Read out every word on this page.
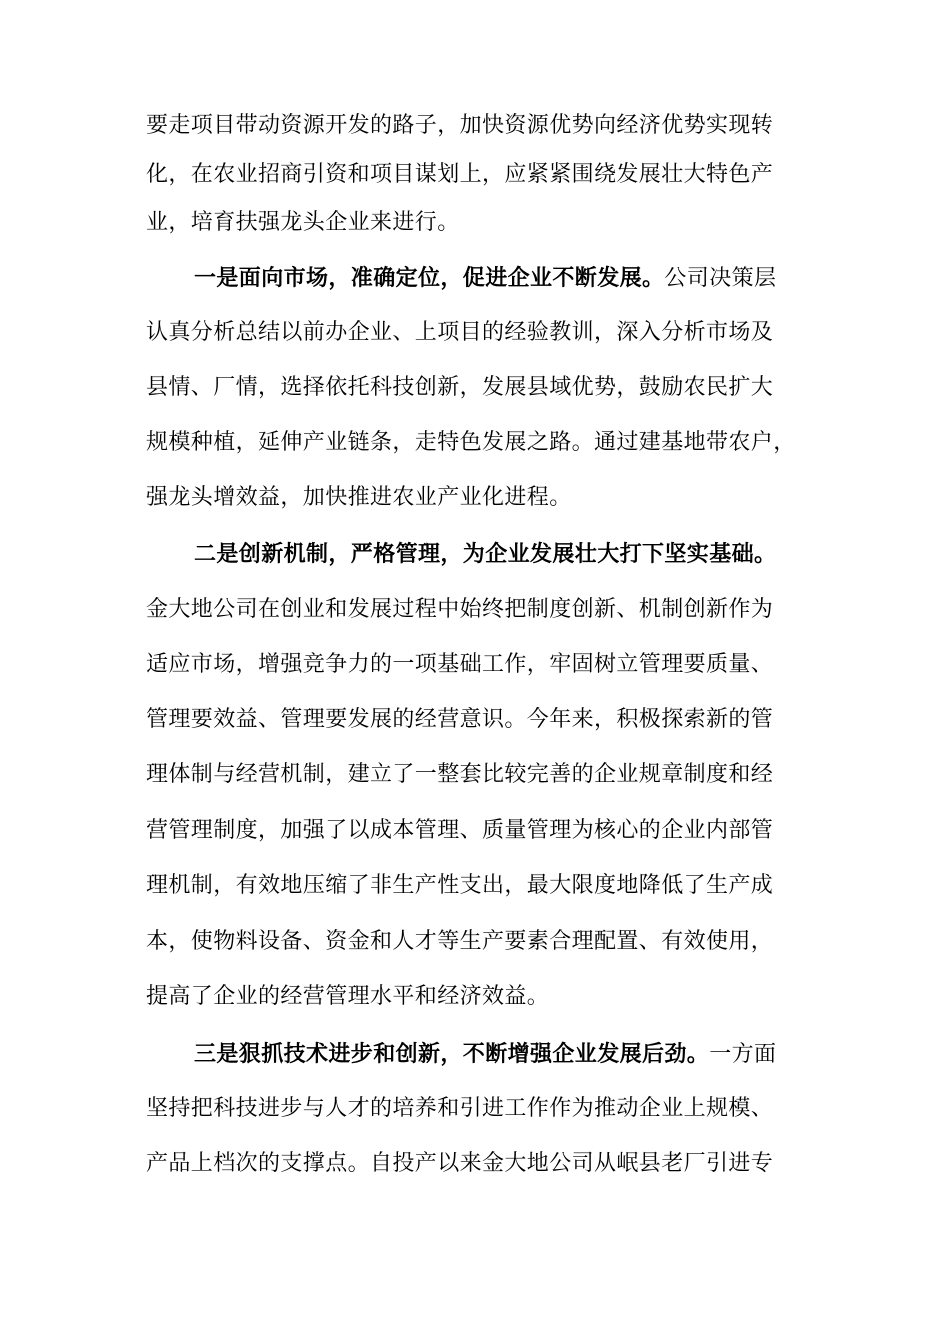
要走项目带动资源开发的路子，加快资源优势向经济优势实现转
化，在农业招商引资和项目谋划上，应紧紧围绕发展壮大特色产
业，培育扶强龙头企业来进行。
一是面向市场，准确定位，促进企业不断发展。公司决策层
认真分析总结以前办企业、上项目的经验教训，深入分析市场及
县情、厂情，选择依托科技创新，发展县域优势，鼓励农民扩大
规模种植，延伸产业链条，走特色发展之路。通过建基地带农户，
强龙头增效益，加快推进农业产业化进程。
二是创新机制，严格管理，为企业发展壮大打下坚实基础。
金大地公司在创业和发展过程中始终把制度创新、机制创新作为
适应市场，增强竞争力的一项基础工作，牢固树立管理要质量、
管理要效益、管理要发展的经营意识。今年来，积极探索新的管
理体制与经营机制，建立了一整套比较完善的企业规章制度和经
营管理制度，加强了以成本管理、质量管理为核心的企业内部管
理机制，有效地压缩了非生产性支出，最大限度地降低了生产成
本，使物料设备、资金和人才等生产要素合理配置、有效使用，
提高了企业的经营管理水平和经济效益。
三是狠抓技术进步和创新，不断增强企业发展后劲。一方面
坚持把科技进步与人才的培养和引进工作作为推动企业上规模、
产品上档次的支撑点。自投产以来金大地公司从岷县老厂引进专
